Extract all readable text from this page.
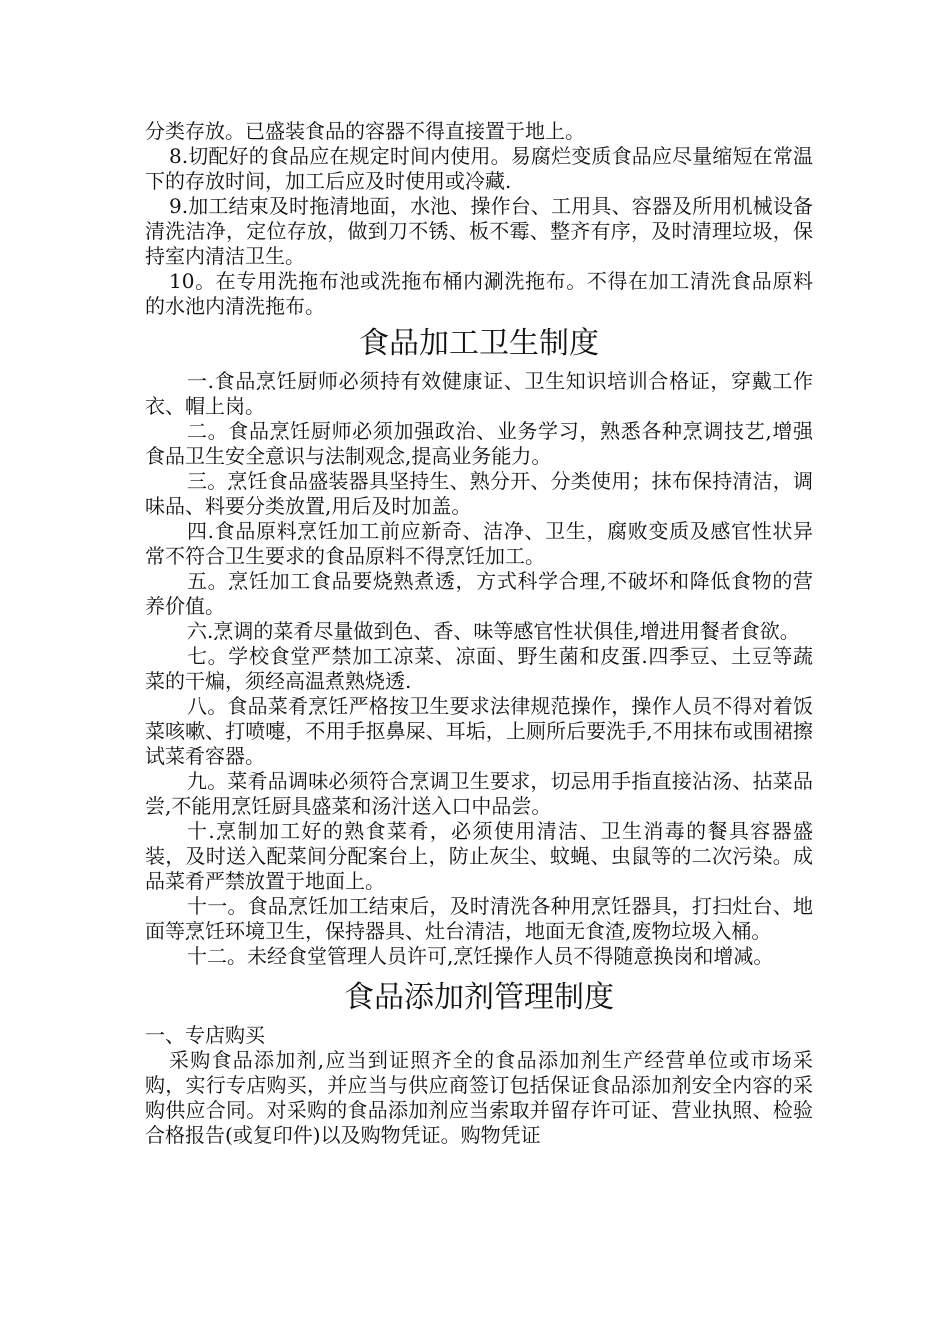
分类存放。已盛装食品的容器不得直接置于地上。

8.切配好的食品应在规定时间内使用。易腐烂变质食品应尽量缩短在常温下的存放时间，加工后应及时使用或冷藏.

9.加工结束及时拖清地面，水池、操作台、工用具、容器及所用机械设备清洗洁净，定位存放，做到刀不锈、板不霉、整齐有序，及时清理垃圾，保持室内清洁卫生。

10。在专用洗拖布池或洗拖布桶内涮洗拖布。不得在加工清洗食品原料的水池内清洗拖布。

食品加工卫生制度

一.食品烹饪厨师必须持有效健康证、卫生知识培训合格证，穿戴工作衣、帽上岗。

二。食品烹饪厨师必须加强政治、业务学习，熟悉各种烹调技艺,增强食品卫生安全意识与法制观念,提高业务能力。

三。烹饪食品盛装器具坚持生、熟分开、分类使用；抹布保持清洁，调味品、料要分类放置,用后及时加盖。

四.食品原料烹饪加工前应新奇、洁净、卫生，腐败变质及感官性状异常不符合卫生要求的食品原料不得烹饪加工。

五。烹饪加工食品要烧熟煮透，方式科学合理,不破坏和降低食物的营养价值。

六.烹调的菜肴尽量做到色、香、味等感官性状俱佳,增进用餐者食欲。

七。学校食堂严禁加工凉菜、凉面、野生菌和皮蛋.四季豆、土豆等蔬菜的干煸，须经高温煮熟烧透.

八。食品菜肴烹饪严格按卫生要求法律规范操作，操作人员不得对着饭菜咳嗽、打喷嚏，不用手抠鼻屎、耳垢，上厕所后要洗手,不用抹布或围裙擦试菜肴容器。

九。菜肴品调味必须符合烹调卫生要求，切忌用手指直接沾汤、拈菜品尝,不能用烹饪厨具盛菜和汤汁送入口中品尝。

十.烹制加工好的熟食菜肴，必须使用清洁、卫生消毒的餐具容器盛装，及时送入配菜间分配案台上，防止灰尘、蚊蝇、虫鼠等的二次污染。成品菜肴严禁放置于地面上。

十一。食品烹饪加工结束后，及时清洗各种用烹饪器具，打扫灶台、地面等烹饪环境卫生，保持器具、灶台清洁，地面无食渣,废物垃圾入桶。

十二。未经食堂管理人员许可,烹饪操作人员不得随意换岗和增减。

食品添加剂管理制度

一、专店购买

采购食品添加剂,应当到证照齐全的食品添加剂生产经营单位或市场采购，实行专店购买，并应当与供应商签订包括保证食品添加剂安全内容的采购供应合同。对采购的食品添加剂应当索取并留存许可证、营业执照、检验合格报告(或复印件)以及购物凭证。购物凭证
